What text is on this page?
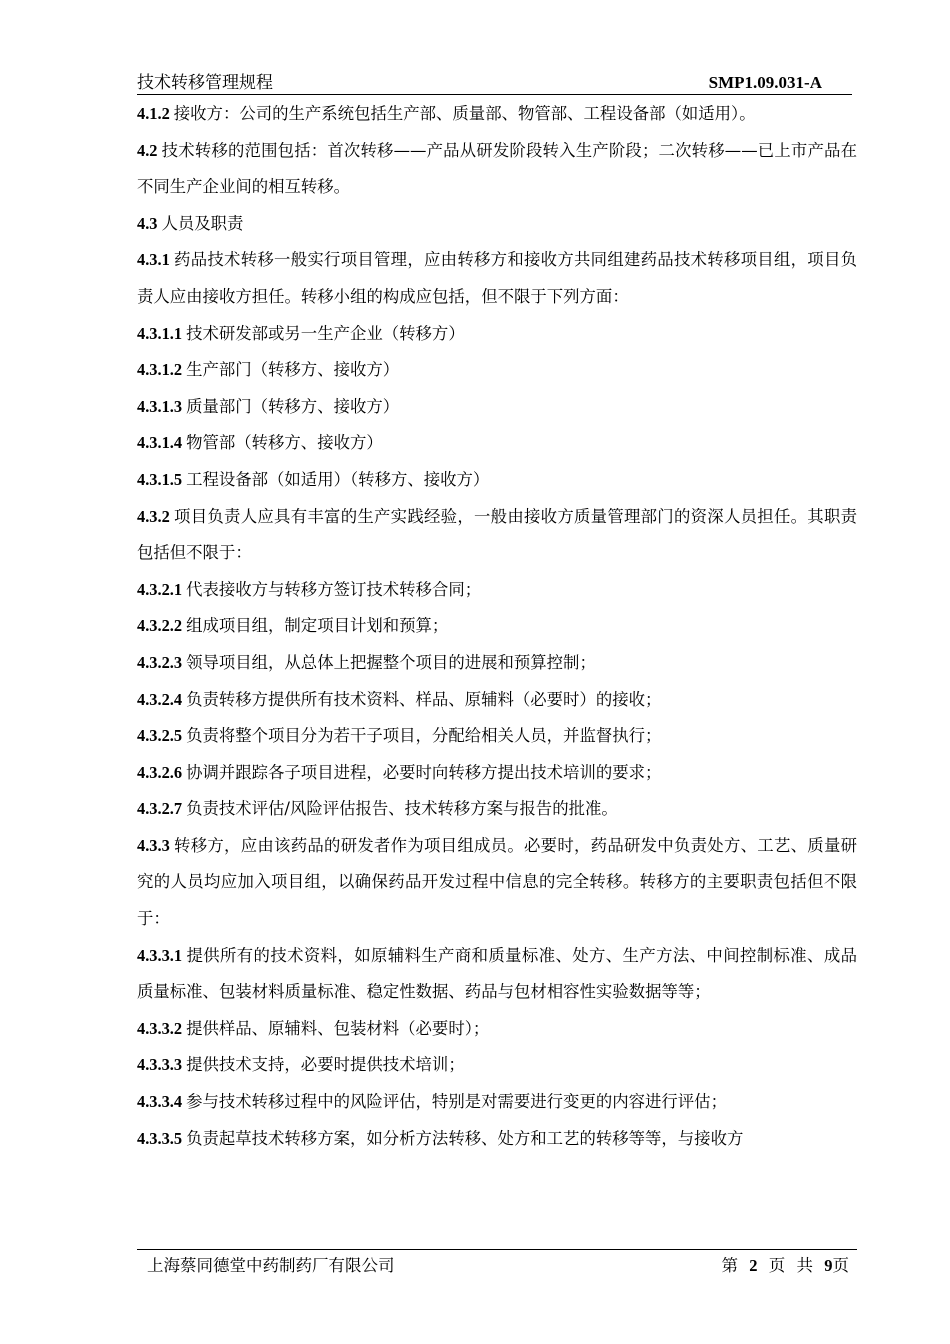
技术转移管理规程	SMP1.09.031-A

4.1.2 接收方：公司的生产系统包括生产部、质量部、物管部、工程设备部（如适用）。

4.2 技术转移的范围包括：首次转移——产品从研发阶段转入生产阶段；二次转移——已上市产品在不同生产企业间的相互转移。

4.3 人员及职责

4.3.1 药品技术转移一般实行项目管理，应由转移方和接收方共同组建药品技术转移项目组，项目负责人应由接收方担任。转移小组的构成应包括，但不限于下列方面：

4.3.1.1 技术研发部或另一生产企业（转移方）

4.3.1.2 生产部门（转移方、接收方）

4.3.1.3 质量部门（转移方、接收方）

4.3.1.4 物管部（转移方、接收方）

4.3.1.5 工程设备部（如适用）（转移方、接收方）

4.3.2 项目负责人应具有丰富的生产实践经验，一般由接收方质量管理部门的资深人员担任。其职责包括但不限于：

4.3.2.1 代表接收方与转移方签订技术转移合同；

4.3.2.2 组成项目组，制定项目计划和预算；

4.3.2.3 领导项目组，从总体上把握整个项目的进展和预算控制；

4.3.2.4 负责转移方提供所有技术资料、样品、原辅料（必要时）的接收；

4.3.2.5 负责将整个项目分为若干子项目，分配给相关人员，并监督执行；

4.3.2.6 协调并跟踪各子项目进程，必要时向转移方提出技术培训的要求；

4.3.2.7 负责技术评估/风险评估报告、技术转移方案与报告的批准。

4.3.3 转移方，应由该药品的研发者作为项目组成员。必要时，药品研发中负责处方、工艺、质量研究的人员均应加入项目组，以确保药品开发过程中信息的完全转移。转移方的主要职责包括但不限于：

4.3.3.1 提供所有的技术资料，如原辅料生产商和质量标准、处方、生产方法、中间控制标准、成品质量标准、包装材料质量标准、稳定性数据、药品与包材相容性实验数据等等；

4.3.3.2 提供样品、原辅料、包装材料（必要时）；

4.3.3.3 提供技术支持，必要时提供技术培训；

4.3.3.4 参与技术转移过程中的风险评估，特别是对需要进行变更的内容进行评估；

4.3.3.5 负责起草技术转移方案，如分析方法转移、处方和工艺的转移等等，与接收方

上海蔡同德堂中药制药厂有限公司	第 2 页 共 9页
